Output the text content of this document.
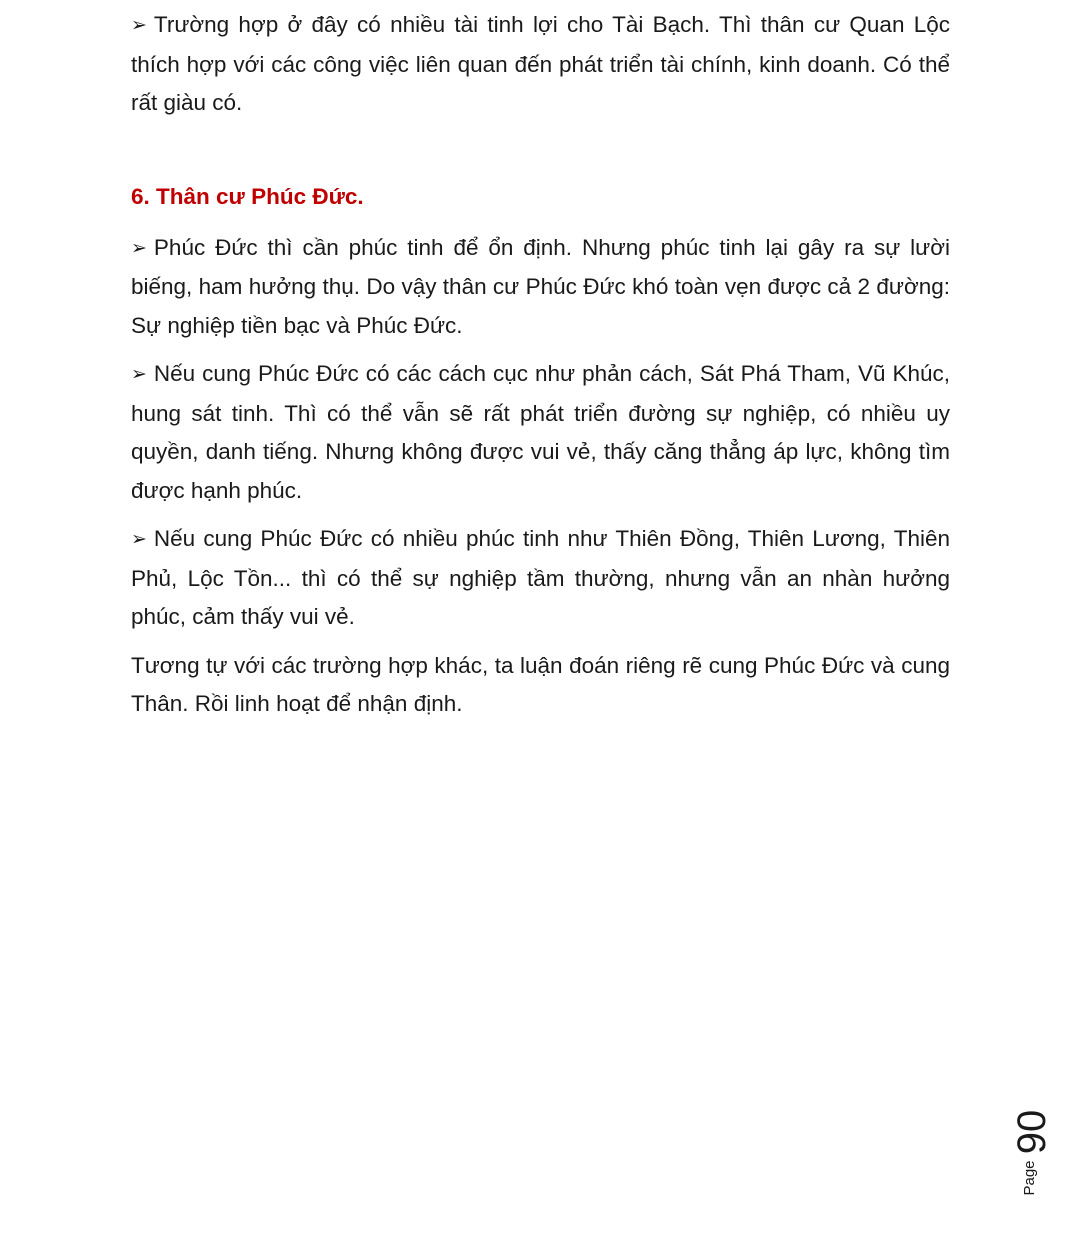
➢ Trường hợp ở đây có nhiều tài tinh lợi cho Tài Bạch. Thì thân cư Quan Lộc thích hợp với các công việc liên quan đến phát triển tài chính, kinh doanh. Có thể rất giàu có.

6. Thân cư Phúc Đức.

➢ Phúc Đức thì cần phúc tinh để ổn định. Nhưng phúc tinh lại gây ra sự lười biếng, ham hưởng thụ. Do vậy thân cư Phúc Đức khó toàn vẹn được cả 2 đường: Sự nghiệp tiền bạc và Phúc Đức.

➢ Nếu cung Phúc Đức có các cách cục như phản cách, Sát Phá Tham, Vũ Khúc, hung sát tinh. Thì có thể vẫn sẽ rất phát triển đường sự nghiệp, có nhiều uy quyền, danh tiếng. Nhưng không được vui vẻ, thấy căng thẳng áp lực, không tìm được hạnh phúc.

➢ Nếu cung Phúc Đức có nhiều phúc tinh như Thiên Đồng, Thiên Lương, Thiên Phủ, Lộc Tồn... thì có thể sự nghiệp tầm thường, nhưng vẫn an nhàn hưởng phúc, cảm thấy vui vẻ.

Tương tự với các trường hợp khác, ta luận đoán riêng rẽ cung Phúc Đức và cung Thân. Rồi linh hoạt để nhận định.

90
Page
